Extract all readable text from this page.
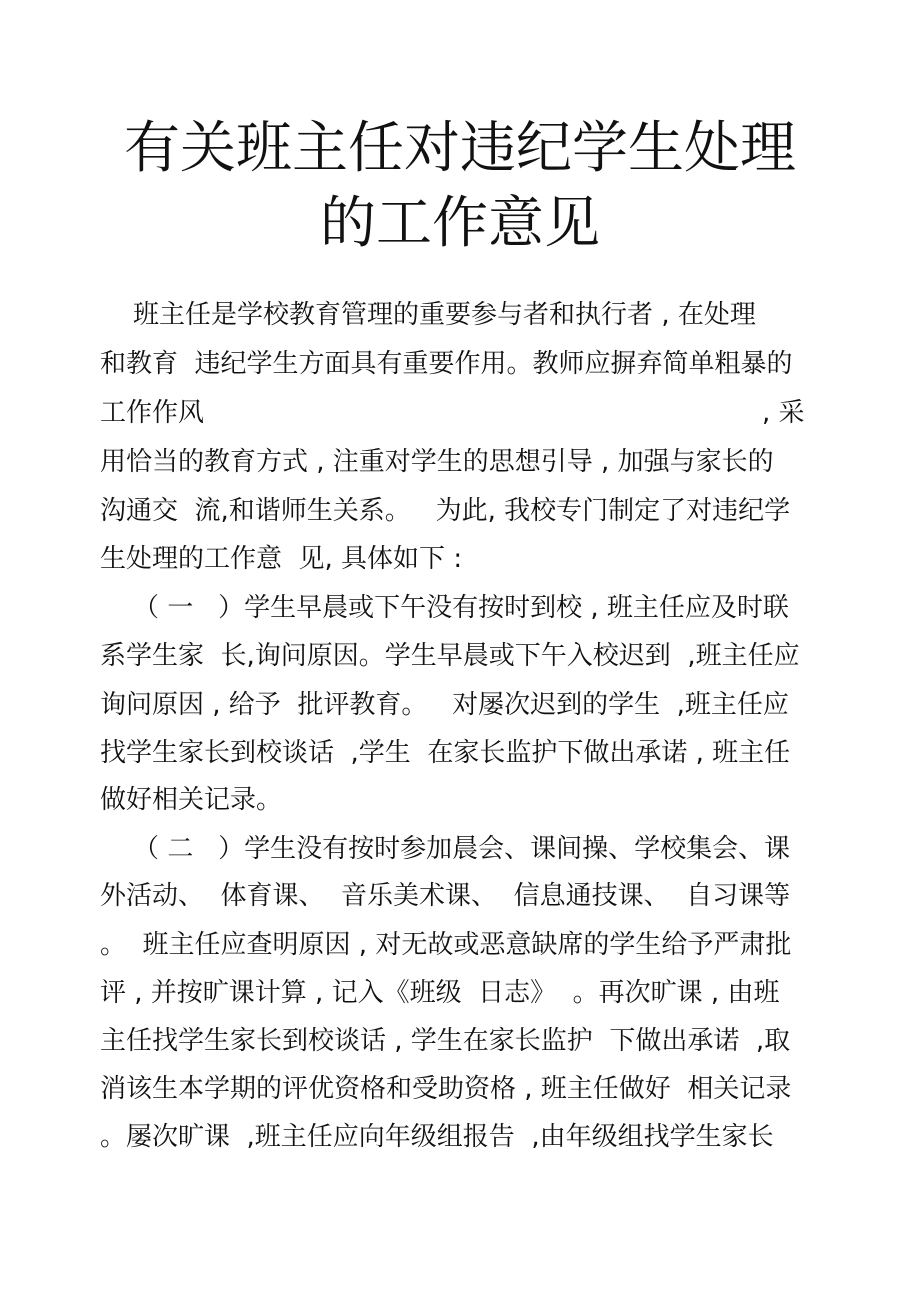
有关班主任对违纪学生处理
的工作意见
班主任是学校教育管理的重要参与者和执行者 , 在处理
和教育  违纪学生方面具有重要作用。教师应摒弃简单粗暴的
工作作风	, 采
用恰当的教育方式 , 注重对学生的思想引导 , 加强与家长的
沟通交  流,和谐师生关系。   为此, 我校专门制定了对违纪学
生处理的工作意  见, 具体如下 :
（ 一   ）学生早晨或下午没有按时到校 , 班主任应及时联
系学生家  长,询问原因。学生早晨或下午入校迟到  ,班主任应
询问原因 , 给予  批评教育。   对屡次迟到的学生  ,班主任应
找学生家长到校谈话  ,学生  在家长监护下做出承诺 , 班主任
做好相关记录。
（ 二   ）学生没有按时参加晨会、课间操、学校集会、课
外活动、  体育课、  音乐美术课、  信息通技课、  自习课等
。  班主任应查明原因 , 对无故或恶意缺席的学生给予严肃批
评 , 并按旷课计算 , 记入《班级  日志》  。再次旷课 , 由班
主任找学生家长到校谈话 , 学生在家长监护  下做出承诺  ,取
消该生本学期的评优资格和受助资格 , 班主任做好  相关记录
。屡次旷课  ,班主任应向年级组报告  ,由年级组找学生家长
